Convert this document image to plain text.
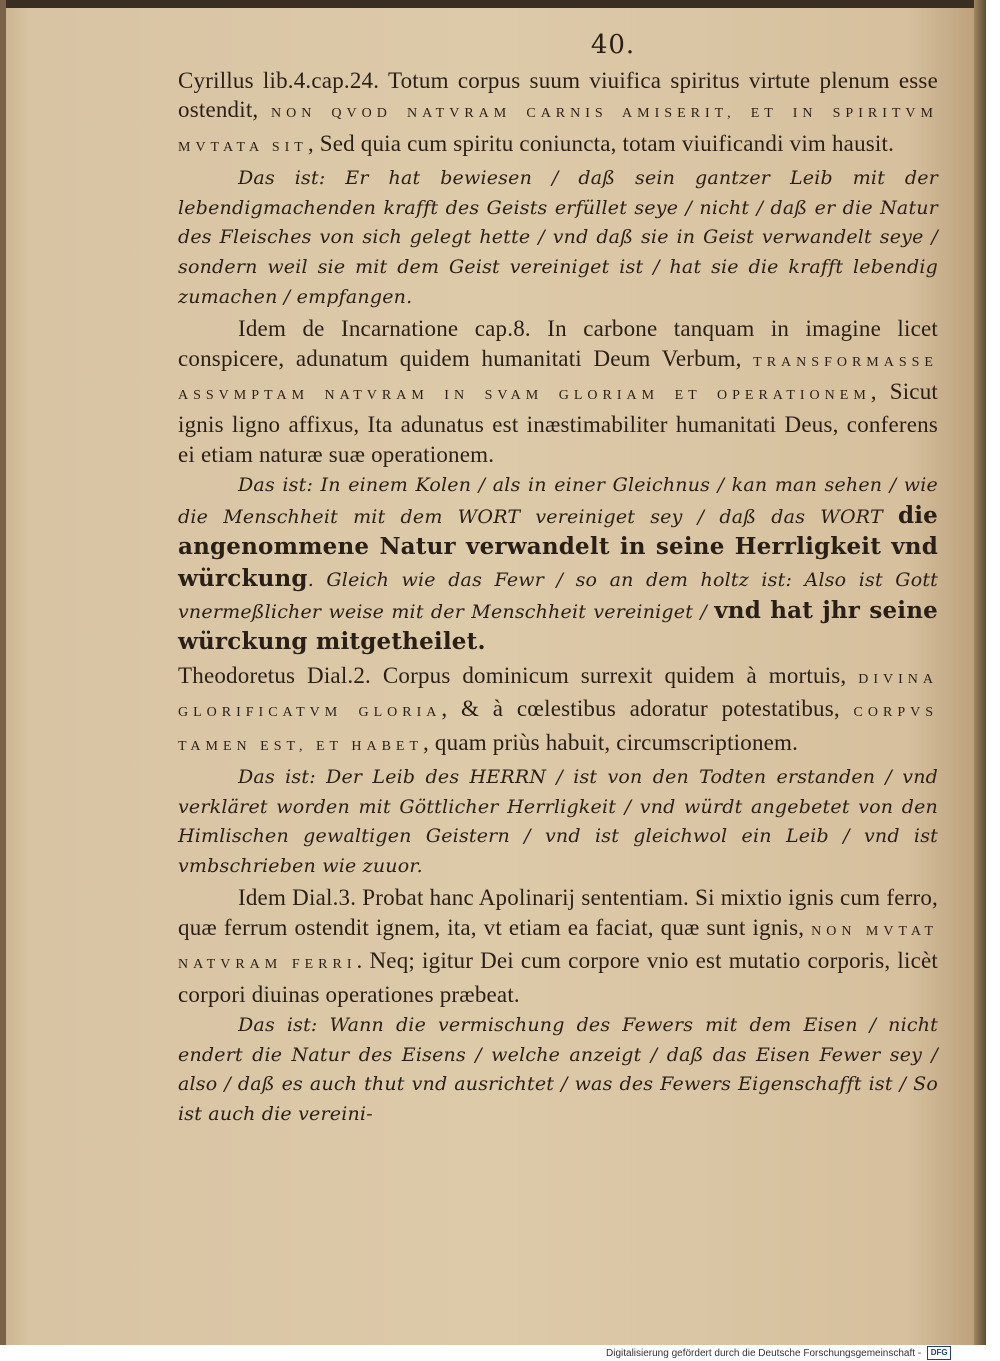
40.
Cyrillus lib.4.cap.24. Totum corpus suum viuifica spiritus virtute plenum esse ostendit, NON QVOD NATVRAM CARNIS AMISERIT, ET IN SPIRITVM MVTATA SIT, Sed quia cum spiritu coniuncta, totam viuificandi vim hausit.
Das ist: Er hat bewiesen / daß sein gantzer Leib mit der lebendigmachenden krafft des Geists erfüllet seye / nicht / daß er die Natur des Fleisches von sich gelegt hette / vnd daß sie in Geist verwandelt seye / sondern weil sie mit dem Geist vereiniget ist / hat sie die krafft lebendig zumachen / empfangen.
Idem de Incarnatione cap.8. In carbone tanquam in imagine licet conspicere, adunatum quidem humanitati Deum Verbum, TRANSFORMASSE ASSVMPTAM NATVRAM IN SVAM GLORIAM ET OPERATIONEM, Sicut ignis ligno affixus, Ita adunatus est inæstimabiliter humanitati Deus, conferens ei etiam naturæ suæ operationem.
Das ist: In einem Kolen / als in einer Gleichnus / kan man sehen / wie die Menschheit mit dem WORT vereiniget sey / daß das WORT die angenommene Natur verwandelt in seine Herrligkeit vnd würckung. Gleich wie das Fewr / so an dem holtz ist: Also ist Gott vnermeßlicher weise mit der Menschheit vereiniget / vnd hat jhr seine würckung mitgetheilet.
Theodoretus Dial.2. Corpus dominicum surrexit quidem à mortuis, DIVINA GLORIFICATVM GLORIA, & à cœlestibus adoratur potestatibus, CORPVS TAMEN EST, ET HABET, quam priùs habuit, circumscriptionem.
Das ist: Der Leib des HERRN / ist von den Todten erstanden / vnd verkläret worden mit Göttlicher Herrligkeit / vnd würdt angebetet von den Himlischen gewaltigen Geistern / vnd ist gleichwol ein Leib / vnd ist vmbschrieben wie zuuor.
Idem Dial.3. Probat hanc Apolinarij sententiam. Si mixtio ignis cum ferro, quæ ferrum ostendit ignem, ita, vt etiam ea faciat, quæ sunt ignis, NON MVTAT NATVRAM FERRI. Neq; igitur Dei cum corpore vnio est mutatio corporis, licèt corpori diuinas operationes præbeat.
Das ist: Wann die vermischung des Fewers mit dem Eisen / nicht endert die Natur des Eisens / welche anzeigt / daß das Eisen Fewer sey / also / daß es auch thut vnd ausrichtet / was des Fewers Eigenschafft ist / So ist auch die vereini-
Digitalisierung gefördert durch die Deutsche Forschungsgemeinschaft -	DFG
